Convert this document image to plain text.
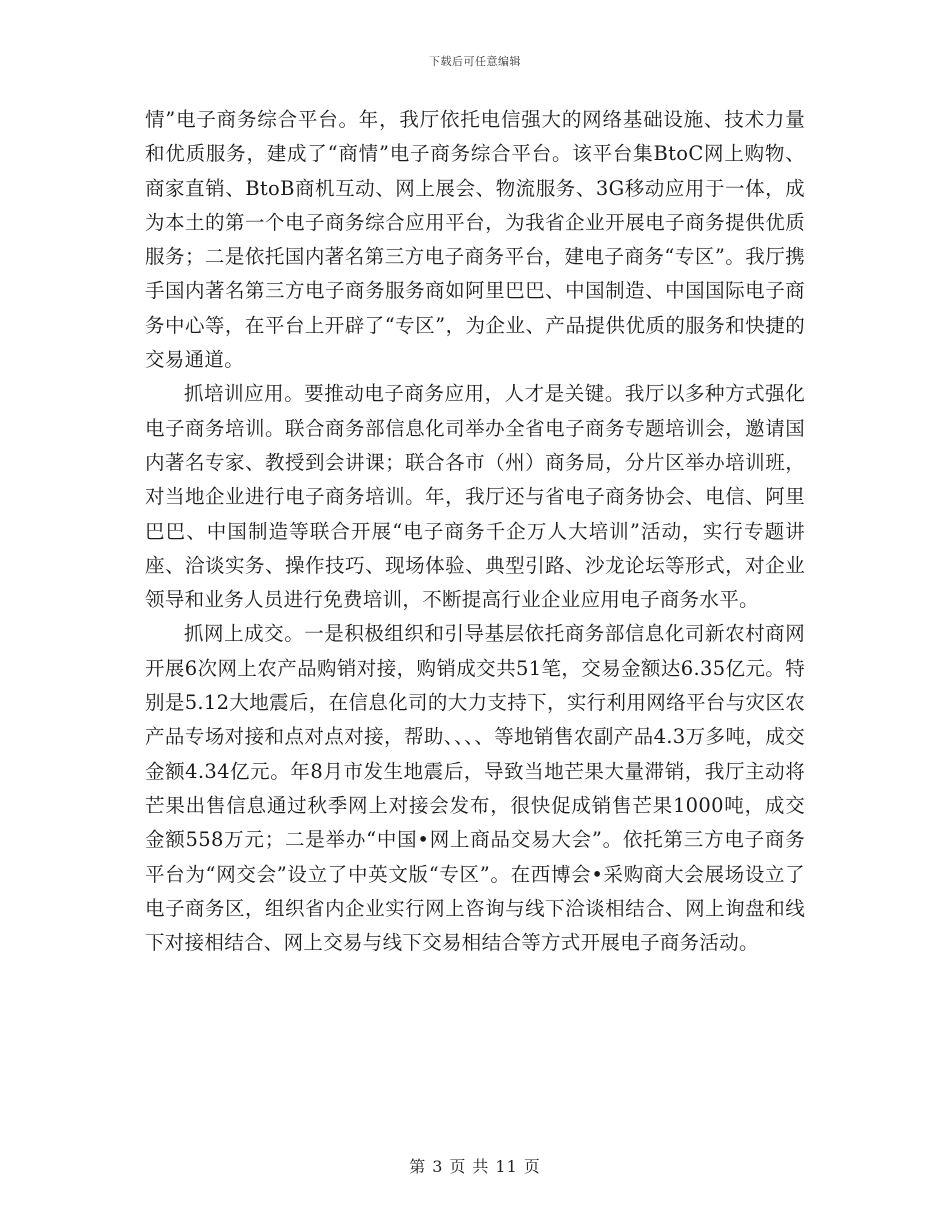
下载后可任意编辑

情”电子商务综合平台。年，我厅依托电信强大的网络基础设施、技术力量和优质服务，建成了“商情”电子商务综合平台。该平台集BtoC网上购物、商家直销、BtoB商机互动、网上展会、物流服务、3G移动应用于一体，成为本土的第一个电子商务综合应用平台，为我省企业开展电子商务提供优质服务；二是依托国内著名第三方电子商务平台，建电子商务“专区”。我厅携手国内著名第三方电子商务服务商如阿里巴巴、中国制造、中国国际电子商务中心等，在平台上开辟了“专区”，为企业、产品提供优质的服务和快捷的交易通道。

抓培训应用。要推动电子商务应用，人才是关键。我厅以多种方式强化电子商务培训。联合商务部信息化司举办全省电子商务专题培训会，邀请国内著名专家、教授到会讲课；联合各市（州）商务局，分片区举办培训班，对当地企业进行电子商务培训。年，我厅还与省电子商务协会、电信、阿里巴巴、中国制造等联合开展“电子商务千企万人大培训”活动，实行专题讲座、洽谈实务、操作技巧、现场体验、典型引路、沙龙论坛等形式，对企业领导和业务人员进行免费培训，不断提高行业企业应用电子商务水平。

抓网上成交。一是积极组织和引导基层依托商务部信息化司新农村商网开展6次网上农产品购销对接，购销成交共51笔，交易金额达6.35亿元。特别是5.12大地震后，在信息化司的大力支持下，实行利用网络平台与灾区农产品专场对接和点对点对接，帮助、、、、等地销售农副产品4.3万多吨，成交金额4.34亿元。年8月市发生地震后，导致当地芒果大量滞销，我厅主动将芒果出售信息通过秋季网上对接会发布，很快促成销售芒果1000吨，成交金额558万元；二是举办“中国•网上商品交易大会”。依托第三方电子商务平台为“网交会”设立了中英文版“专区”。在西博会•采购商大会展场设立了电子商务区，组织省内企业实行网上咨询与线下洽谈相结合、网上询盘和线下对接相结合、网上交易与线下交易相结合等方式开展电子商务活动。

第 3 页 共 11 页
